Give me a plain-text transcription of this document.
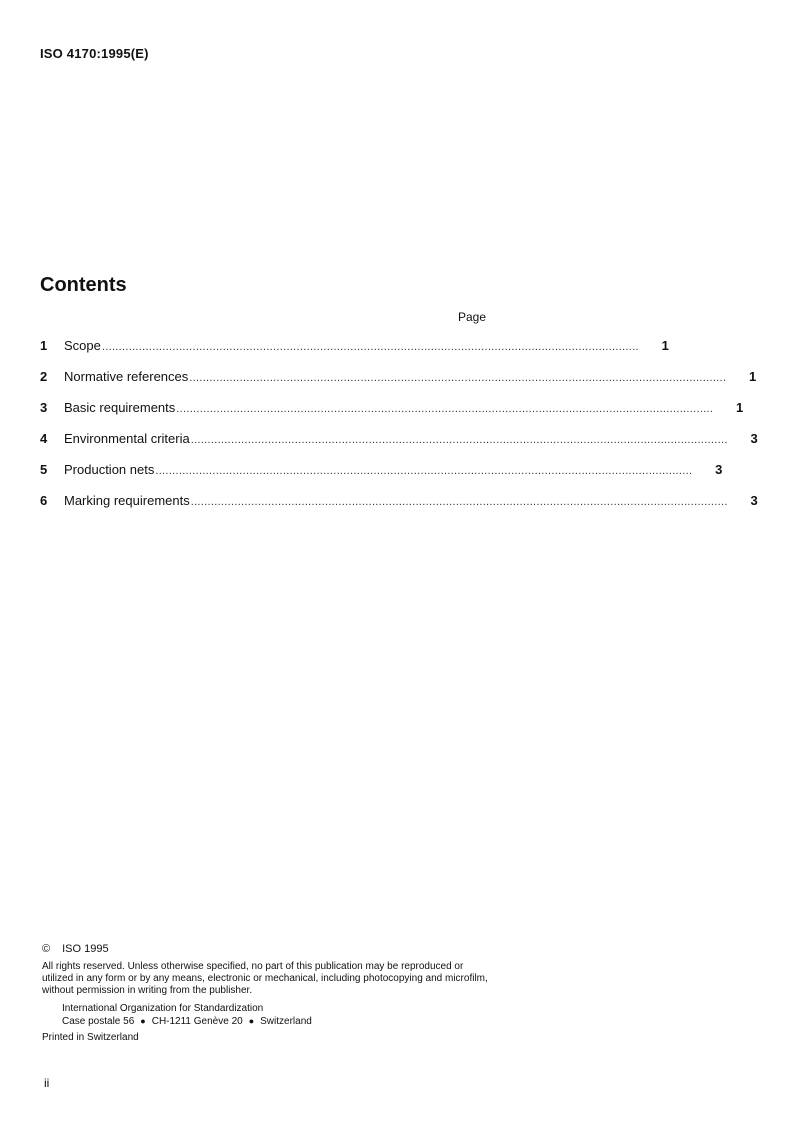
ISO 4170:1995(E)
Contents
Page
1	Scope ................................................................................................................................................................	1
2	Normative references ................................................................................................................................................................	1
3	Basic requirements ................................................................................................................................................................	1
4	Environmental criteria ................................................................................................................................................................	3
5	Production nets ................................................................................................................................................................	3
6	Marking requirements ................................................................................................................................................................	3
© ISO 1995
All rights reserved. Unless otherwise specified, no part of this publication may be reproduced or utilized in any form or by any means, electronic or mechanical, including photocopying and microfilm, without permission in writing from the publisher.
International Organization for Standardization
Case postale 56 ● CH-1211 Genève 20 ● Switzerland
Printed in Switzerland
ii
